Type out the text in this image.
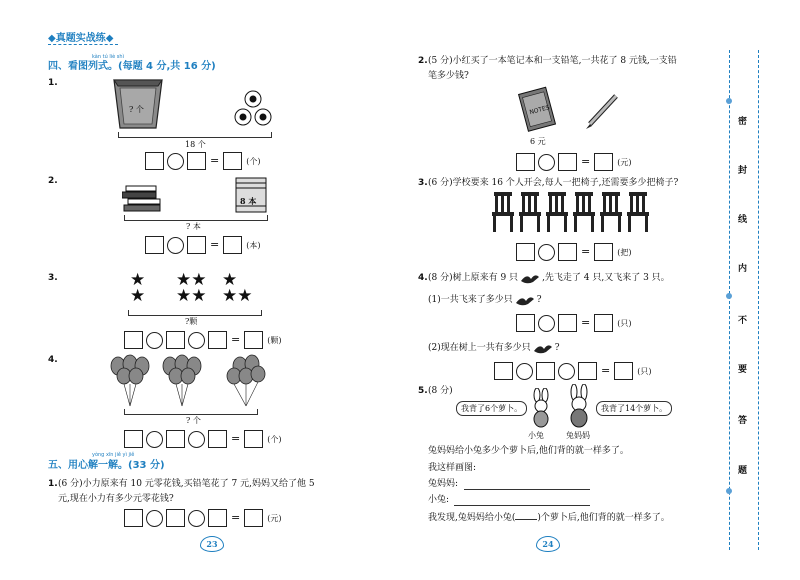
◆真题实战练◆
kàn tú liè shì
四、看图列式。(每题 4 分,共 16 分)
1.
? 个
18 个
=	(个)
2.
8 本
? 本
=	(本)
3.	★
★
★★
★★
★
★★
?颗
=	(颗)
4.
? 个
=	(个)
yòng xīn jiě yì jiě
五、用心解一解。(33 分)
1. (6 分)小力原来有 10 元零花钱,买铅笔花了 7 元,妈妈又给了他 5
元,现在小力有多少元零花钱?
=	(元)
23
2. (5 分)小红买了一本笔记本和一支铅笔,一共花了 8 元钱,一支铅
笔多少钱?
NOTES
6 元
=	(元)
3. (6 分)学校要来 16 个人开会,每人一把椅子,还需要多少把椅子?
=	(把)
4. (8 分)树上原来有 9 只	,先飞走了 4 只,又飞来了 3 只。
(1)一共飞来了多少只	?
=	(只)
(2)现在树上一共有多少只	?
=	(只)
5. (8 分)
我背了6个萝卜。	我背了14个萝卜。
小兔	兔妈妈
兔妈妈给小兔多少个萝卜后,他们背的就一样多了。
我这样画图:
兔妈妈:
小兔:
我发现,兔妈妈给小兔( )个萝卜后,他们背的就一样多了。
24
密
封
线
内
不
要
答
题
